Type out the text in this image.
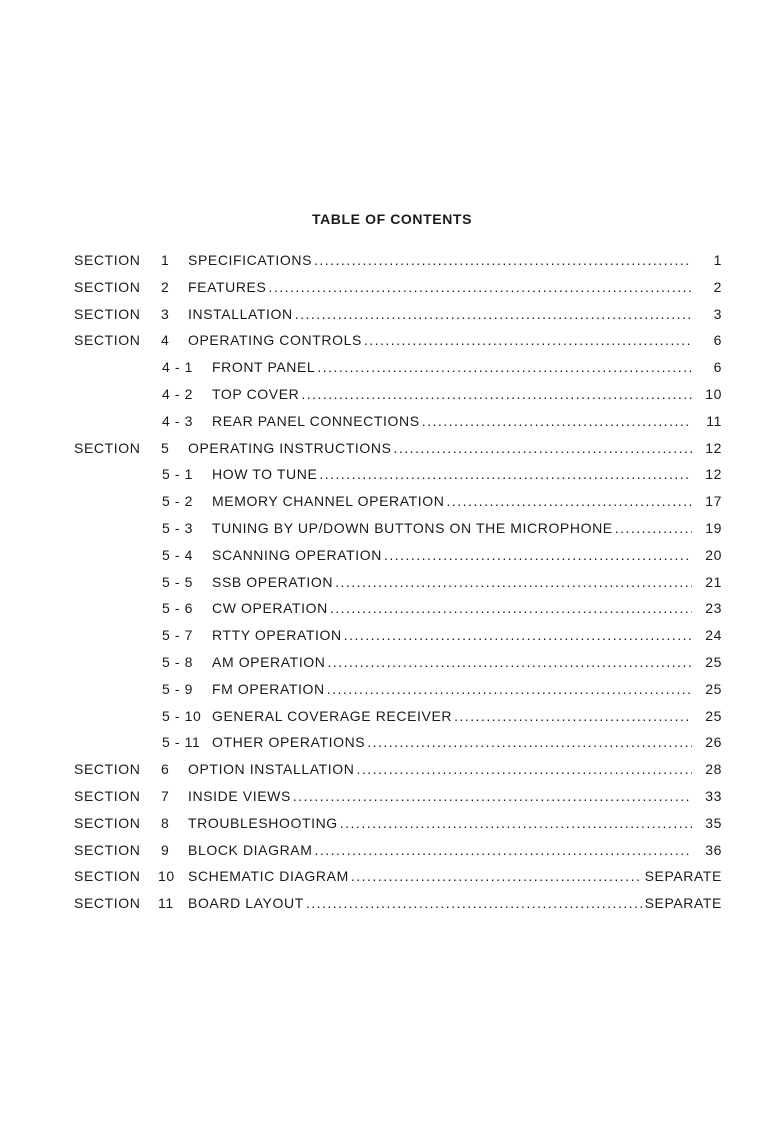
TABLE OF CONTENTS
SECTION 1 SPECIFICATIONS . . .	1
SECTION 2 FEATURES . . .	2
SECTION 3 INSTALLATION . . .	3
SECTION 4 OPERATING CONTROLS . . .	6
4 - 1 FRONT PANEL . . .	6
4 - 2 TOP COVER . . .	10
4 - 3 REAR PANEL CONNECTIONS . . .	11
SECTION 5 OPERATING INSTRUCTIONS . . .	12
5 - 1 HOW TO TUNE . . .	12
5 - 2 MEMORY CHANNEL OPERATION . . .	17
5 - 3 TUNING BY UP/DOWN BUTTONS ON THE MICROPHONE . . .	19
5 - 4 SCANNING OPERATION . . .	20
5 - 5 SSB OPERATION . . .	21
5 - 6 CW OPERATION . . .	23
5 - 7 RTTY OPERATION . . .	24
5 - 8 AM OPERATION . . .	25
5 - 9 FM OPERATION . . .	25
5 - 10 GENERAL COVERAGE RECEIVER . . .	25
5 - 11 OTHER OPERATIONS . . .	26
SECTION 6 OPTION INSTALLATION . . .	28
SECTION 7 INSIDE VIEWS . . .	33
SECTION 8 TROUBLESHOOTING . . .	35
SECTION 9 BLOCK DIAGRAM . . .	36
SECTION 10 SCHEMATIC DIAGRAM . . .	SEPARATE
SECTION 11 BOARD LAYOUT . . .	SEPARATE
